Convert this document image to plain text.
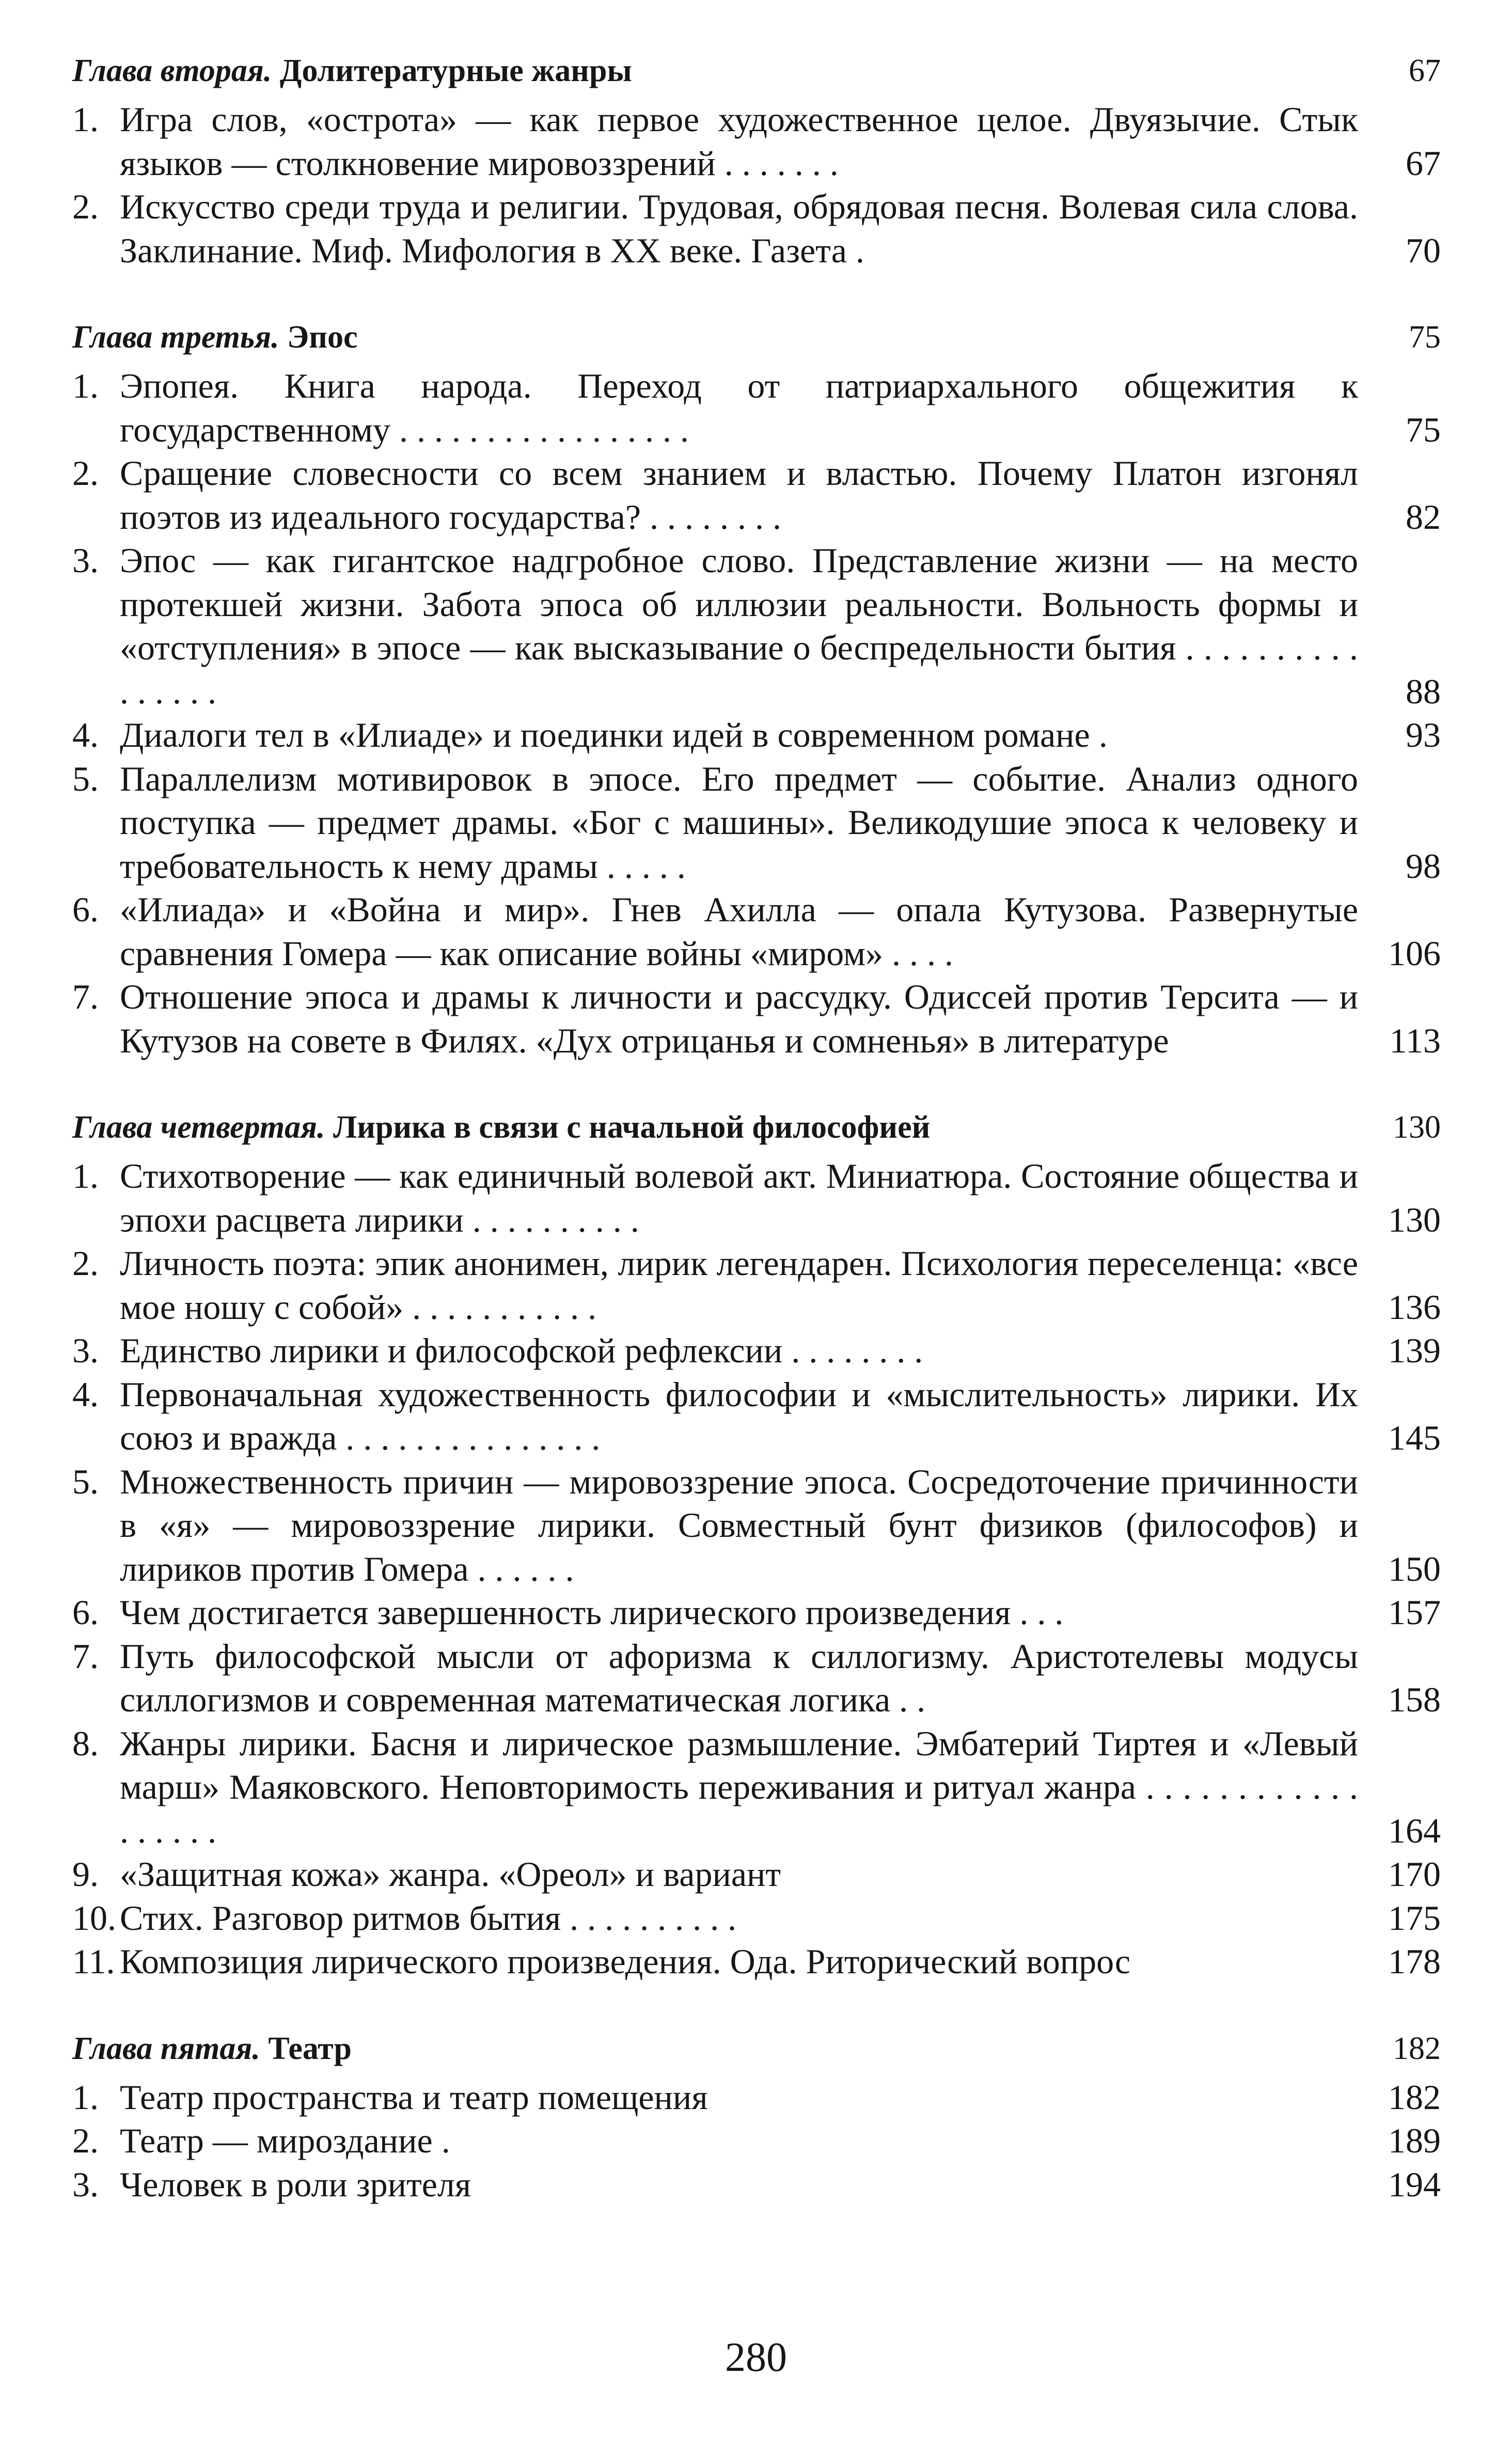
Глава вторая. Долитературные жанры	67
1. Игра слов, «острота» — как первое художественное целое. Двуязычие. Стык языков — столкновение мировоззрений . . . . . . .	67
2. Искусство среди труда и религии. Трудовая, обрядовая песня. Волевая сила слова. Заклинание. Миф. Мифология в XX веке. Газета .	70
Глава третья. Эпос	75
1. Эпопея. Книга народа. Переход от патриархального общежития к государственному . . . . . . . . . . . . . . . . .	75
2. Сращение словесности со всем знанием и властью. Почему Платон изгонял поэтов из идеального государства? . . . . . . . .	82
3. Эпос — как гигантское надгробное слово. Представление жизни — на место протекшей жизни. Забота эпоса об иллюзии реальности. Вольность формы и «отступления» в эпосе — как высказывание о беспредельности бытия . . . . . . . . . . . . . . . .	88
4. Диалоги тел в «Илиаде» и поединки идей в современном романе .	93
5. Параллелизм мотивировок в эпосе. Его предмет — событие. Анализ одного поступка — предмет драмы. «Бог с машины». Великодушие эпоса к человеку и требовательность к нему драмы . . . . .	98
6. «Илиада» и «Война и мир». Гнев Ахилла — опала Кутузова. Развернутые сравнения Гомера — как описание войны «миром» . . . .	106
7. Отношение эпоса и драмы к личности и рассудку. Одиссей против Терсита — и Кутузов на совете в Филях. «Дух отрицанья и сомненья» в литературе	113
Глава четвертая. Лирика в связи с начальной философией	130
1. Стихотворение — как единичный волевой акт. Миниатюра. Состояние общества и эпохи расцвета лирики . . . . . . . . . .	130
2. Личность поэта: эпик анонимен, лирик легендарен. Психология переселенца: «все мое ношу с собой» . . . . . . . . . . .	136
3. Единство лирики и философской рефлексии . . . . . . . .	139
4. Первоначальная художественность философии и «мыслительность» лирики. Их союз и вражда . . . . . . . . . . . . . . .	145
5. Множественность причин — мировоззрение эпоса. Сосредоточение причинности в «я» — мировоззрение лирики. Совместный бунт физиков (философов) и лириков против Гомера . . . . . .	150
6. Чем достигается завершенность лирического произведения . . .	157
7. Путь философской мысли от афоризма к силлогизму. Аристотелевы модусы силлогизмов и современная математическая логика . .	158
8. Жанры лирики. Басня и лирическое размышление. Эмбатерий Тиртея и «Левый марш» Маяковского. Неповторимость переживания и ритуал жанра . . . . . . . . . . . . . . . . . .	164
9. «Защитная кожа» жанра. «Ореол» и вариант	170
10. Стих. Разговор ритмов бытия . . . . . . . . . .	175
11. Композиция лирического произведения. Ода. Риторический вопрос	178
Глава пятая. Театр	182
1. Театр пространства и театр помещения	182
2. Театр — мироздание .	189
3. Человек в роли зрителя	194
280
